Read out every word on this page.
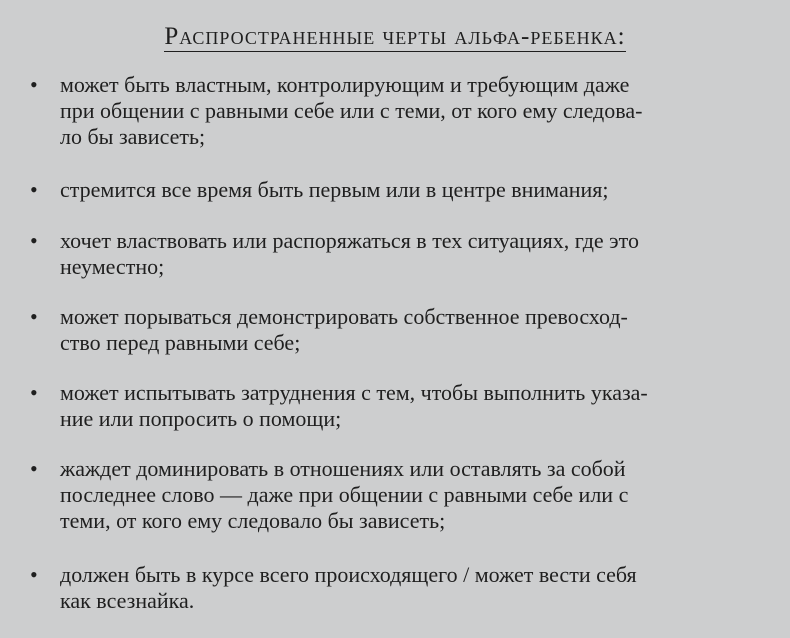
Распространенные черты альфа-ребенка:
• может быть властным, контролирующим и требующим даже
при общении с равными себе или с теми, от кого ему следова-
ло бы зависеть;
• стремится все время быть первым или в центре внимания;
• хочет властвовать или распоряжаться в тех ситуациях, где это
неуместно;
• может порываться демонстрировать собственное превосход-
ство перед равными себе;
• может испытывать затруднения с тем, чтобы выполнить указа-
ние или попросить о помощи;
• жаждет доминировать в отношениях или оставлять за собой
последнее слово — даже при общении с равными себе или с
теми, от кого ему следовало бы зависеть;
• должен быть в курсе всего происходящего / может вести себя
как всезнайка.
